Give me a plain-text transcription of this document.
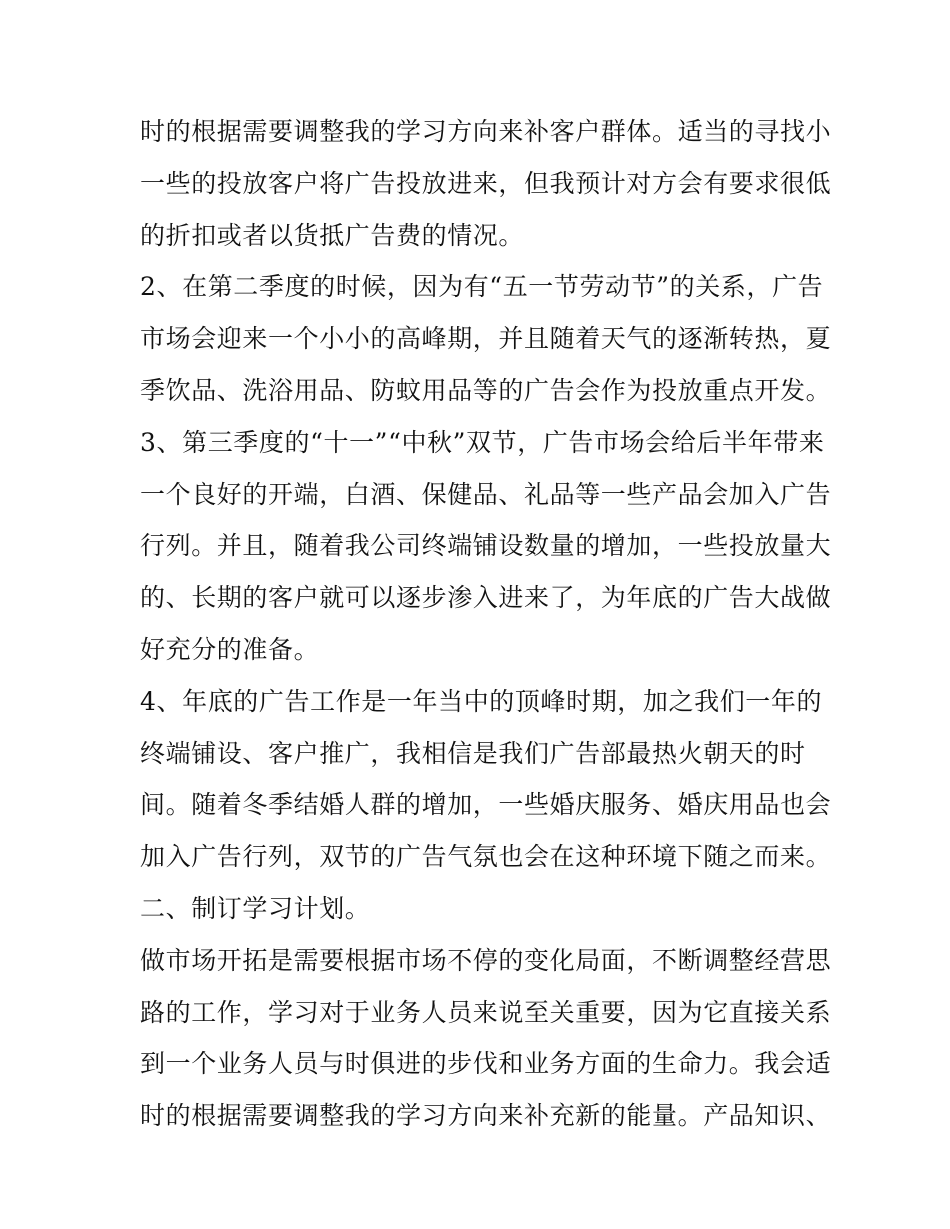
时的根据需要调整我的学习方向来补客户群体。适当的寻找小
一些的投放客户将广告投放进来，但我预计对方会有要求很低
的折扣或者以货抵广告费的情况。
2、在第二季度的时候，因为有“五一节劳动节”的关系，广告
市场会迎来一个小小的高峰期，并且随着天气的逐渐转热，夏
季饮品、洗浴用品、防蚊用品等的广告会作为投放重点开发。
3、第三季度的“十一”“中秋”双节，广告市场会给后半年带来
一个良好的开端，白酒、保健品、礼品等一些产品会加入广告
行列。并且，随着我公司终端铺设数量的增加，一些投放量大
的、长期的客户就可以逐步渗入进来了，为年底的广告大战做
好充分的准备。
4、年底的广告工作是一年当中的顶峰时期，加之我们一年的
终端铺设、客户推广，我相信是我们广告部最热火朝天的时
间。随着冬季结婚人群的增加，一些婚庆服务、婚庆用品也会
加入广告行列，双节的广告气氛也会在这种环境下随之而来。
二、制订学习计划。
做市场开拓是需要根据市场不停的变化局面，不断调整经营思
路的工作，学习对于业务人员来说至关重要，因为它直接关系
到一个业务人员与时俱进的步伐和业务方面的生命力。我会适
时的根据需要调整我的学习方向来补充新的能量。产品知识、
